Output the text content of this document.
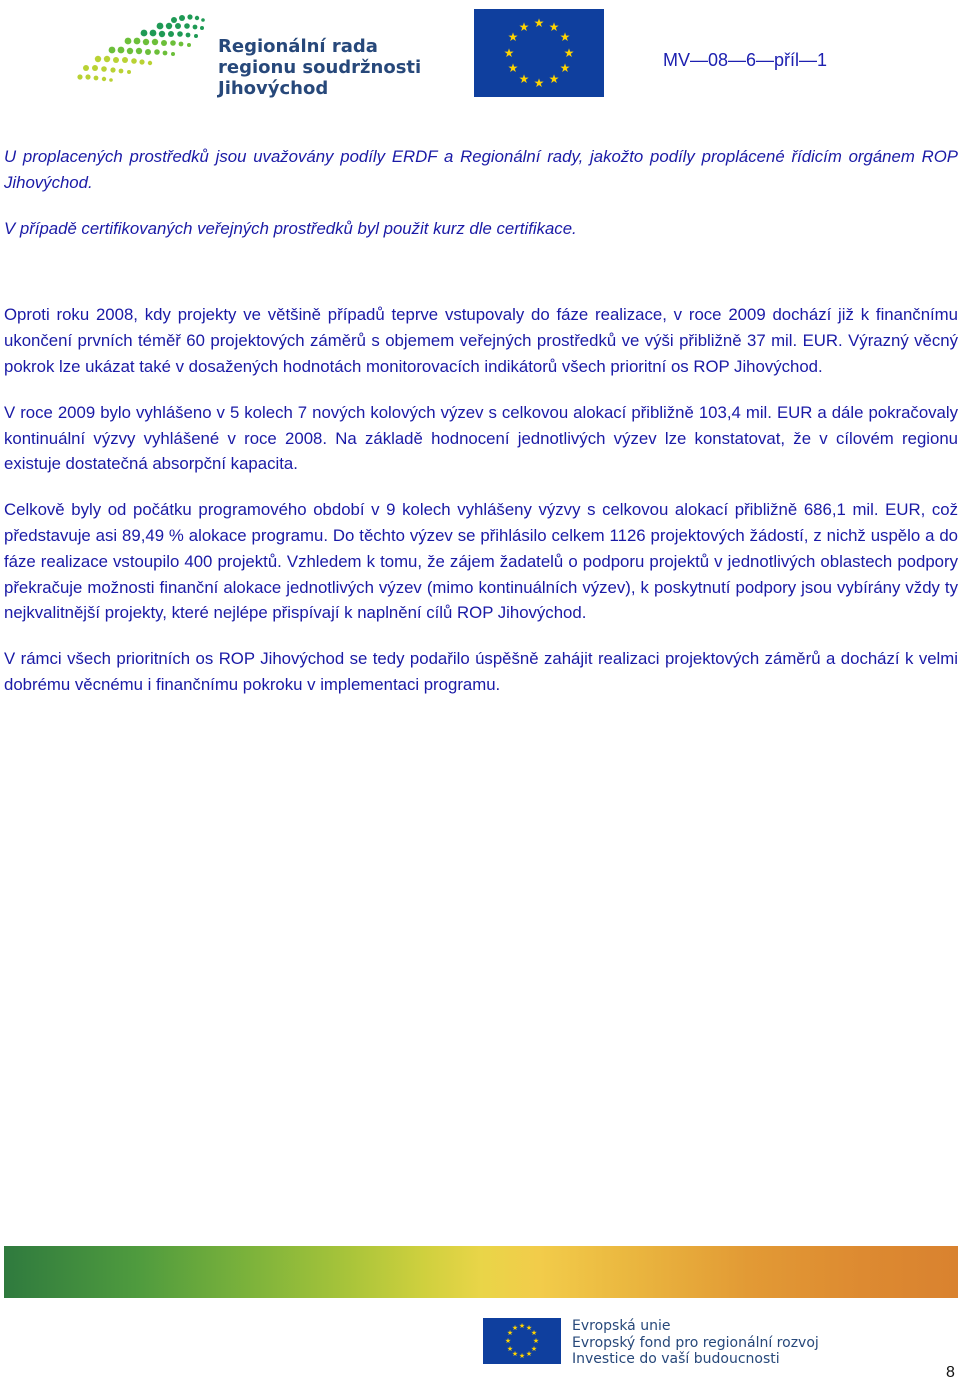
Regionální rada
regionu soudržnosti
Jihovýchod
★ ★
★
★
★
★
★
★
★
★
★
★
MV—08—6—příl—1

U proplacených prostředků jsou uvažovány podíly ERDF a Regionální rady, jakožto podíly proplácené řídicím orgánem ROP Jihovýchod.

V případě certifikovaných veřejných prostředků byl použit kurz dle certifikace.

Oproti roku 2008, kdy projekty ve většině případů teprve vstupovaly do fáze realizace, v roce 2009 dochází již k finančnímu ukončení prvních téměř 60 projektových záměrů s objemem veřejných prostředků ve výši přibližně 37 mil. EUR. Výrazný věcný pokrok lze ukázat také v dosažených hodnotách monitorovacích indikátorů všech prioritní os ROP Jihovýchod.

V roce 2009 bylo vyhlášeno v 5 kolech 7 nových kolových výzev s celkovou alokací přibližně 103,4 mil. EUR a dále pokračovaly kontinuální výzvy vyhlášené v roce 2008. Na základě hodnocení jednotlivých výzev lze konstatovat, že v cílovém regionu existuje dostatečná absorpční kapacita.

Celkově byly od počátku programového období v 9 kolech vyhlášeny výzvy s celkovou alokací přibližně 686,1 mil. EUR, což představuje asi 89,49 % alokace programu. Do těchto výzev se přihlásilo celkem 1126 projektových žádostí, z nichž uspělo a do fáze realizace vstoupilo 400 projektů. Vzhledem k tomu, že zájem žadatelů o podporu projektů v jednotlivých oblastech podpory překračuje možnosti finanční alokace jednotlivých výzev (mimo kontinuálních výzev), k poskytnutí podpory jsou vybírány vždy ty nejkvalitnější projekty, které nejlépe přispívají k naplnění cílů ROP Jihovýchod.

V rámci všech prioritních os ROP Jihovýchod se tedy podařilo úspěšně zahájit realizaci projektových záměrů a dochází k velmi dobrému věcnému i finančnímu pokroku v implementaci programu.

★ ★
★
★
★
★
★
★
★
★
★
★	Evropská unie
Evropský fond pro regionální rozvoj
Investice do vaší budoucnosti
8
